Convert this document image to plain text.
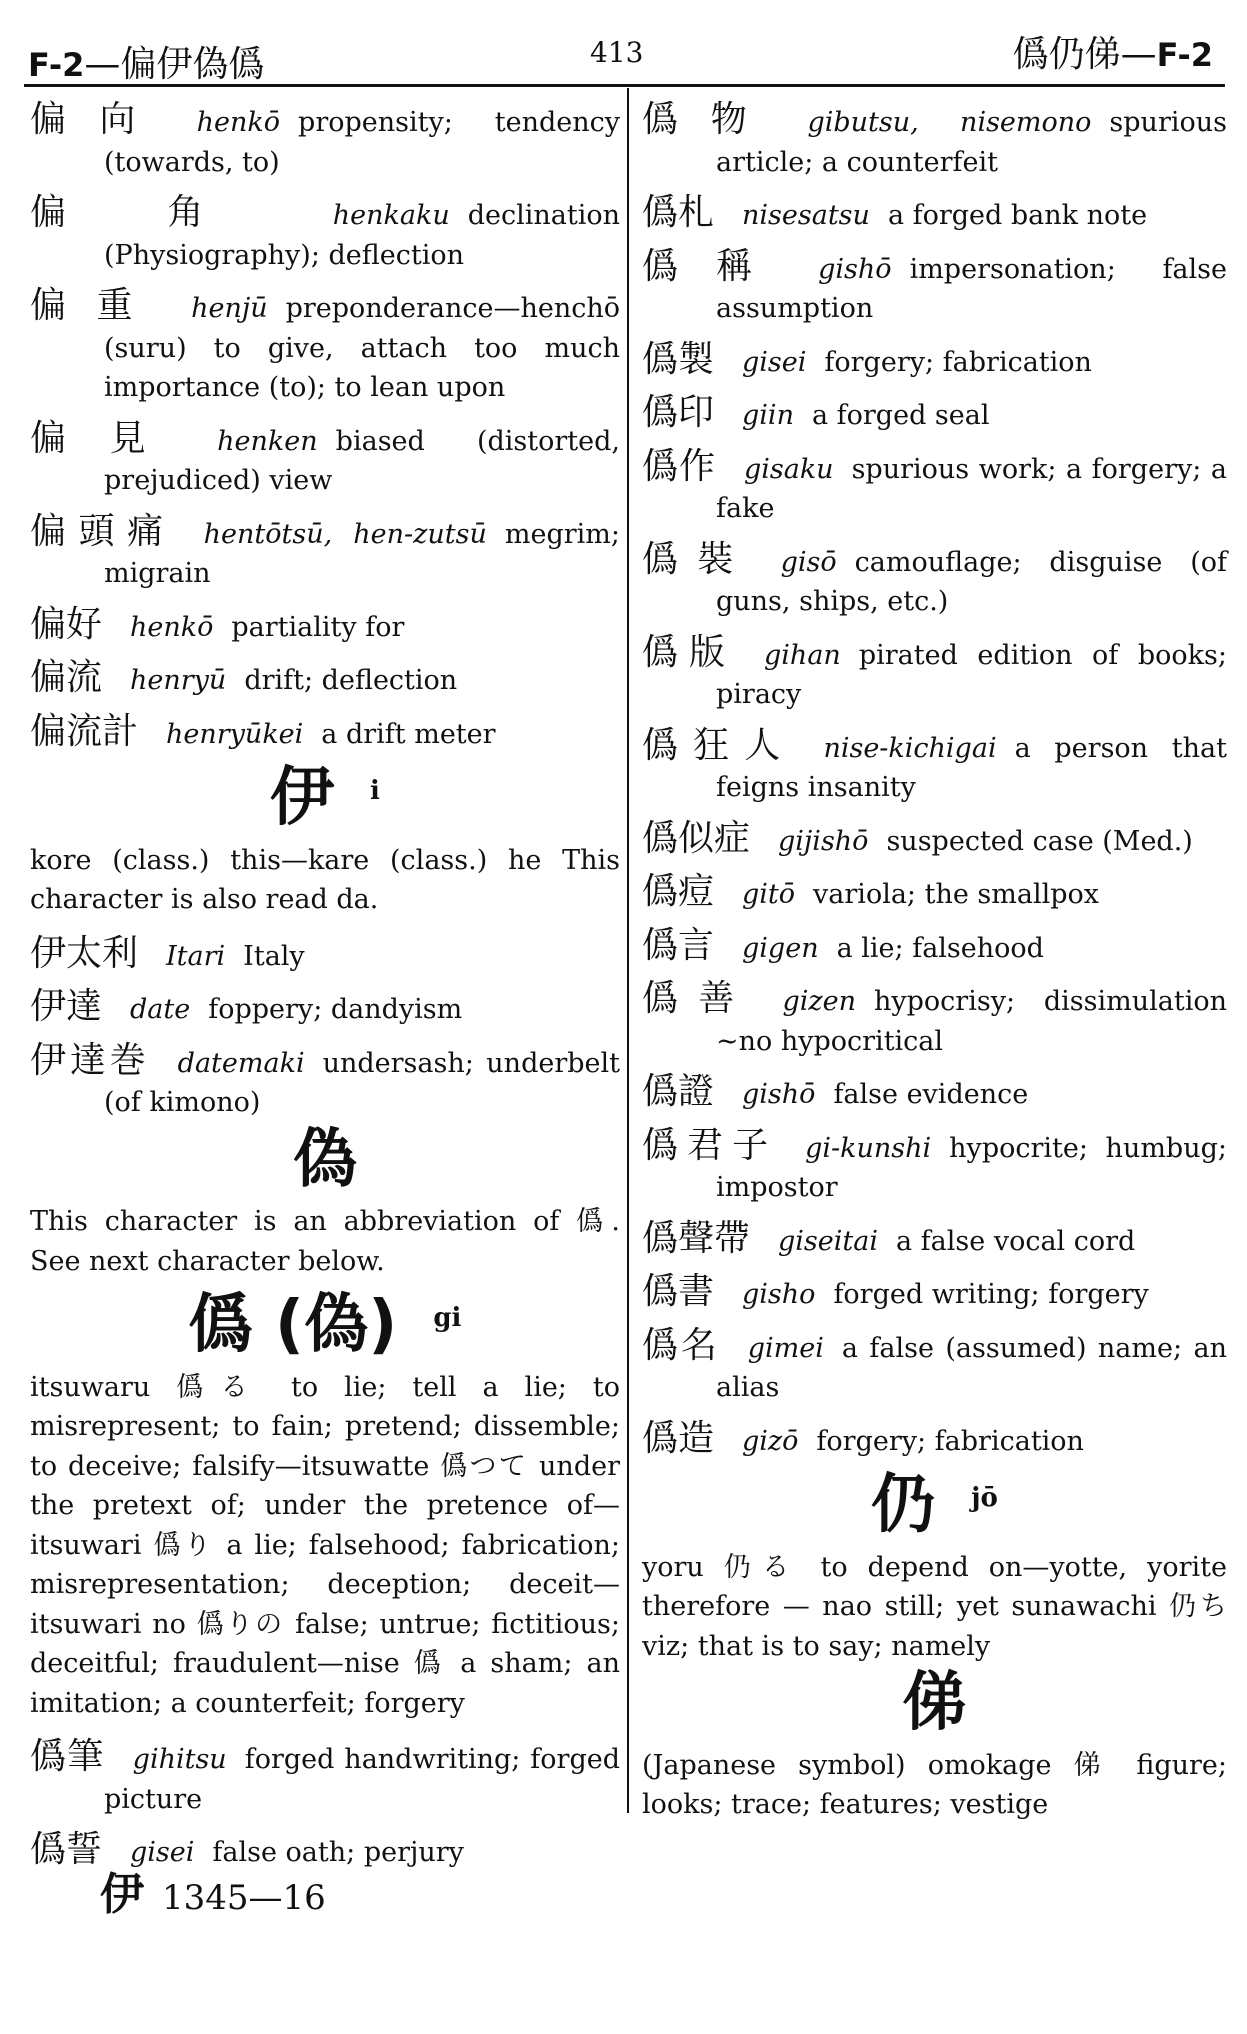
F-2—偏伊偽僞	413	僞仍俤—F-2
偏向 henkō propensity; tendency (towards, to)
偏角 henkaku declination (Physiography); deflection
偏重 henjū preponderance—henchō (suru) to give, attach too much importance (to); to lean upon
偏見 henken biased (distorted, prejudiced) view
偏頭痛 hentōtsū, hen-zutsū megrim; migrain
偏好 henkō partiality for
偏流 henryū drift; deflection
偏流計 henryūkei a drift meter
伊 i
kore (class.) this—kare (class.) he This character is also read da.
伊太利 Itari Italy
伊達 date foppery; dandyism
伊達巻 datemaki undersash; underbelt (of kimono)
偽
This character is an abbreviation of 僞. See next character below.
僞 (偽) gi
itsuwaru 僞る to lie; tell a lie; to misrepresent; to fain; pretend; dissemble; to deceive; falsify—itsuwatte 僞つて under the pretext of; under the pretence of—itsuwari 僞り a lie; falsehood; fabrication; misrepresentation; deception; deceit—itsuwari no 僞りの false; untrue; fictitious; deceitful; fraudulent—nise 僞 a sham; an imitation; a counterfeit; forgery
僞筆 gihitsu forged handwriting; forged picture
僞誓 gisei false oath; perjury
僞物 gibutsu, nisemono spurious article; a counterfeit
僞札 nisesatsu a forged bank note
僞稱 gishō impersonation; false assumption
僞製 gisei forgery; fabrication
僞印 giin a forged seal
僞作 gisaku spurious work; a forgery; a fake
僞裝 gisō camouflage; disguise (of guns, ships, etc.)
僞版 gihan pirated edition of books; piracy
僞狂人 nise-kichigai a person that feigns insanity
僞似症 gijishō suspected case (Med.)
僞痘 gitō variola; the smallpox
僞言 gigen a lie; falsehood
僞善 gizen hypocrisy; dissimulation ∼no hypocritical
僞證 gishō false evidence
僞君子 gi-kunshi hypocrite; humbug; impostor
僞聲帶 giseitai a false vocal cord
僞書 gisho forged writing; forgery
僞名 gimei a false (assumed) name; an alias
僞造 gizō forgery; fabrication
仍 jō
yoru 仍る to depend on—yotte, yorite therefore — nao still; yet sunawachi 仍ち viz; that is to say; namely
俤
(Japanese symbol) omokage 俤 figure; looks; trace; features; vestige
伊 1345—16
